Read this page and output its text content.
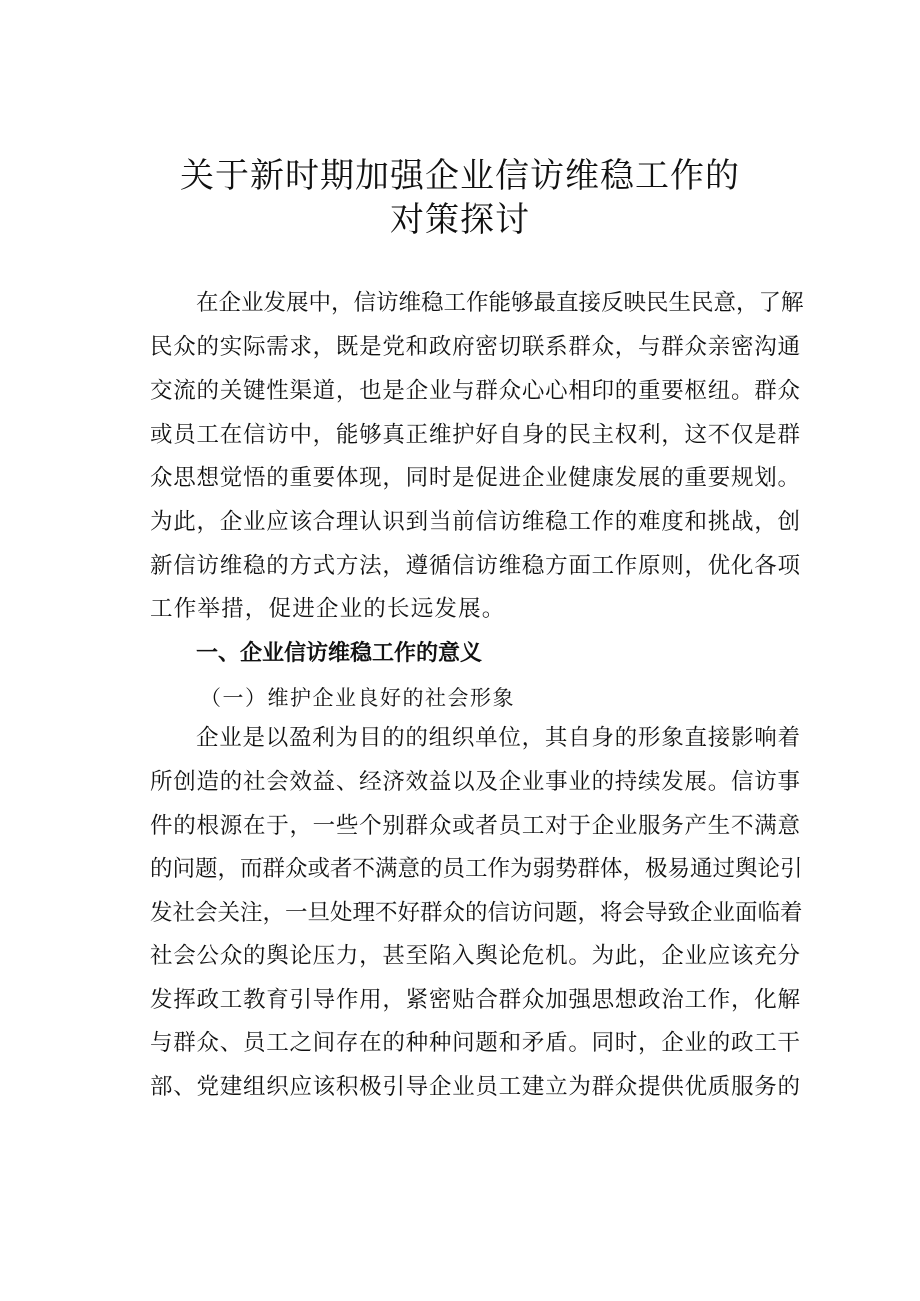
关于新时期加强企业信访维稳工作的
对策探讨
在企业发展中，信访维稳工作能够最直接反映民生民意，了解
民众的实际需求，既是党和政府密切联系群众，与群众亲密沟通
交流的关键性渠道，也是企业与群众心心相印的重要枢纽。群众
或员工在信访中，能够真正维护好自身的民主权利，这不仅是群
众思想觉悟的重要体现，同时是促进企业健康发展的重要规划。
为此，企业应该合理认识到当前信访维稳工作的难度和挑战，创
新信访维稳的方式方法，遵循信访维稳方面工作原则，优化各项
工作举措，促进企业的长远发展。
一、企业信访维稳工作的意义
（一）维护企业良好的社会形象
企业是以盈利为目的的组织单位，其自身的形象直接影响着
所创造的社会效益、经济效益以及企业事业的持续发展。信访事
件的根源在于，一些个别群众或者员工对于企业服务产生不满意
的问题，而群众或者不满意的员工作为弱势群体，极易通过舆论引
发社会关注，一旦处理不好群众的信访问题，将会导致企业面临着
社会公众的舆论压力，甚至陷入舆论危机。为此，企业应该充分
发挥政工教育引导作用，紧密贴合群众加强思想政治工作，化解
与群众、员工之间存在的种种问题和矛盾。同时，企业的政工干
部、党建组织应该积极引导企业员工建立为群众提供优质服务的
